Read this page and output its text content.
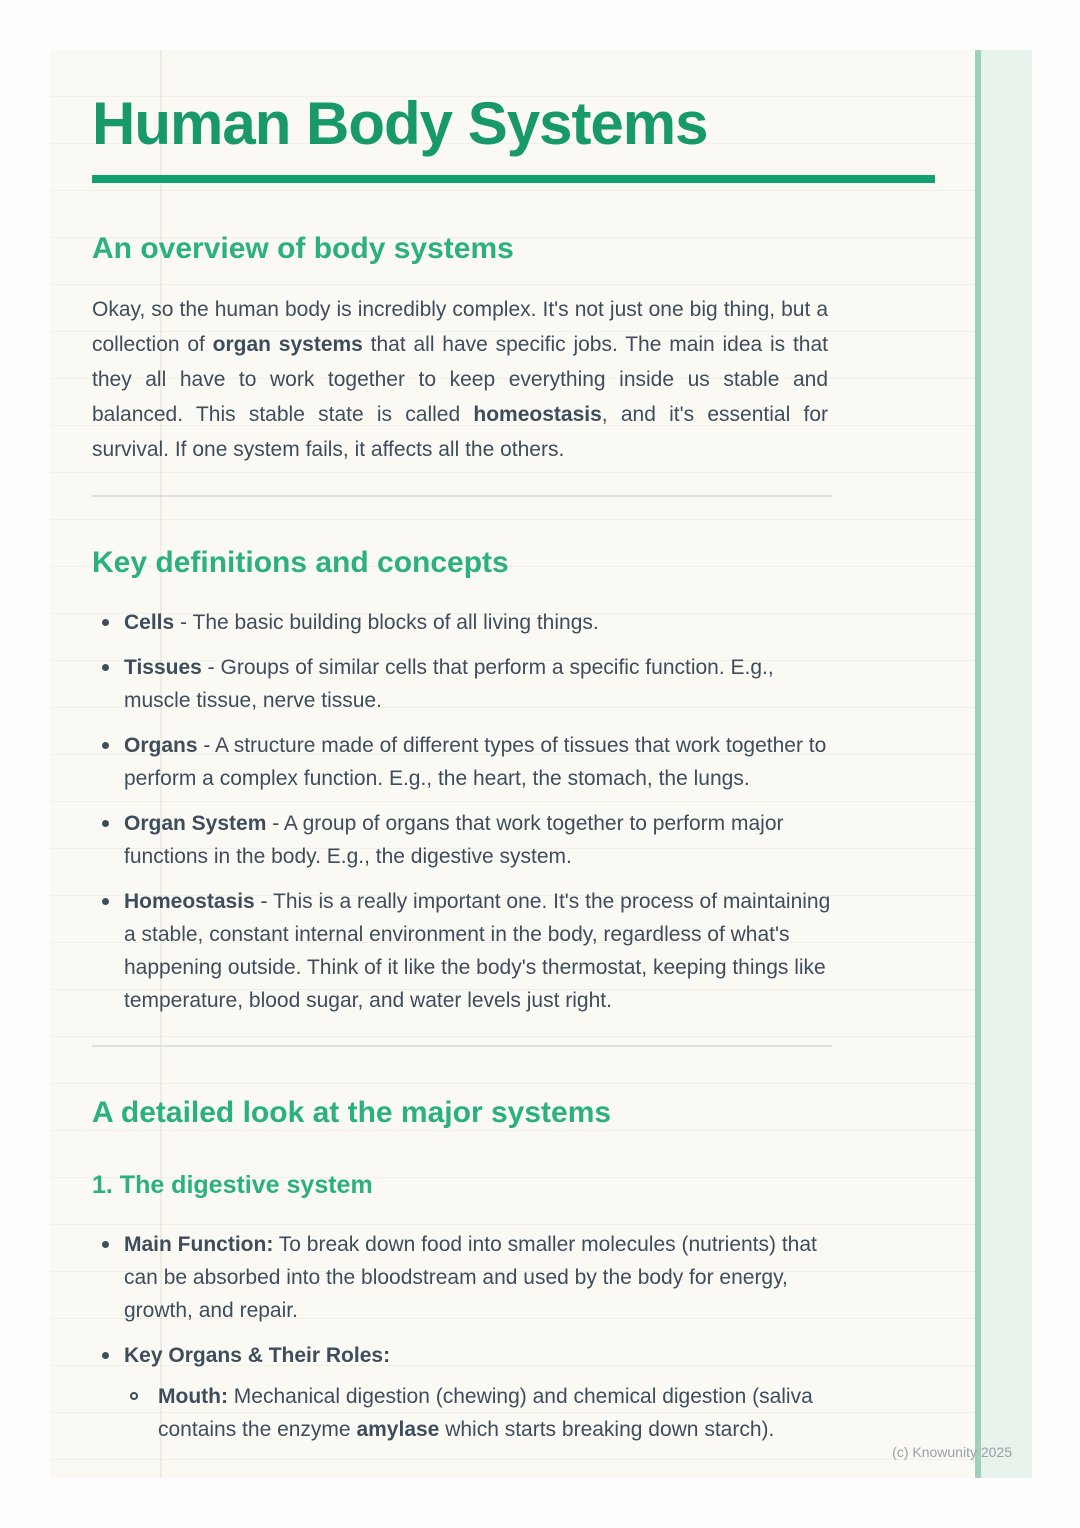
Human Body Systems
An overview of body systems

Okay, so the human body is incredibly complex. It's not just one big thing, but a collection of organ systems that all have specific jobs. The main idea is that they all have to work together to keep everything inside us stable and balanced. This stable state is called homeostasis, and it's essential for survival. If one system fails, it affects all the others.

Key definitions and concepts
Cells - The basic building blocks of all living things.
Tissues - Groups of similar cells that perform a specific function. E.g., muscle tissue, nerve tissue.
Organs - A structure made of different types of tissues that work together to perform a complex function. E.g., the heart, the stomach, the lungs.
Organ System - A group of organs that work together to perform major functions in the body. E.g., the digestive system.
Homeostasis - This is a really important one. It's the process of maintaining a stable, constant internal environment in the body, regardless of what's happening outside. Think of it like the body's thermostat, keeping things like temperature, blood sugar, and water levels just right.
A detailed look at the major systems
1. The digestive system
Main Function: To break down food into smaller molecules (nutrients) that can be absorbed into the bloodstream and used by the body for energy, growth, and repair.
Key Organs & Their Roles:
Mouth: Mechanical digestion (chewing) and chemical digestion (saliva contains the enzyme amylase which starts breaking down starch).
(c) Knowunity 2025
